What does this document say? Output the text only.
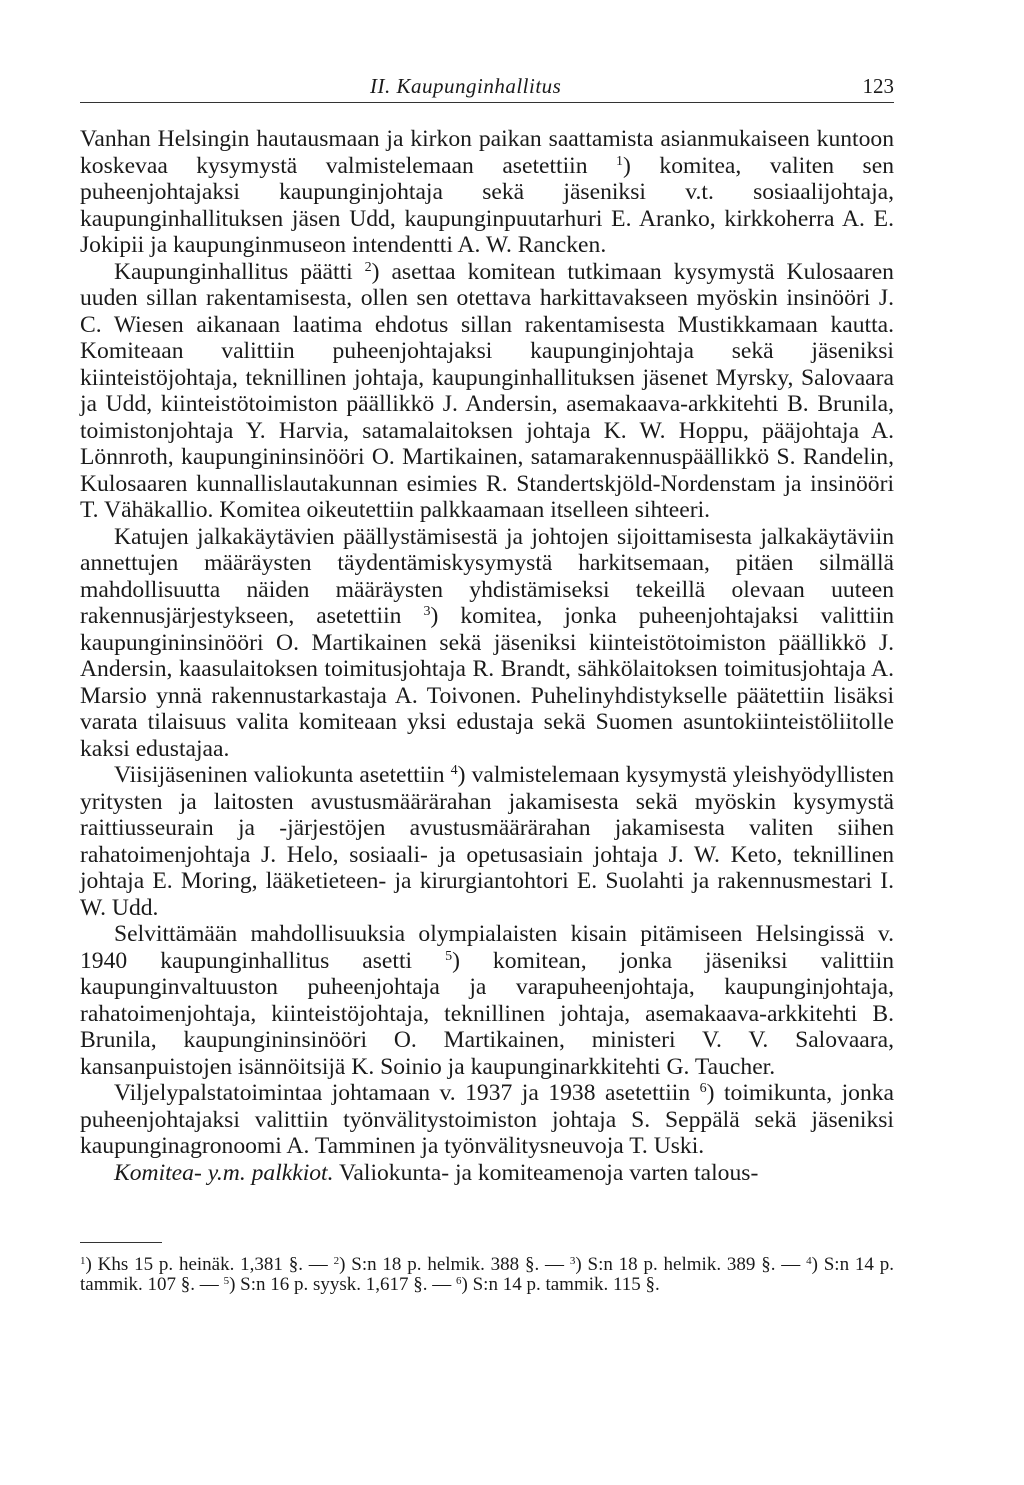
II. Kaupunginhallitus	123

Vanhan Helsingin hautausmaan ja kirkon paikan saattamista asianmukaiseen kuntoon koskevaa kysymystä valmistelemaan asetettiin $^1$) komitea, valiten sen puheenjohtajaksi kaupunginjohtaja sekä jäseniksi v.t. sosiaalijohtaja, kaupunginhallituksen jäsen Udd, kaupunginpuutarhuri E. Aranko, kirkkoherra A. E. Jokipii ja kaupunginmuseon intendentti A. W. Rancken.

Kaupunginhallitus päätti $^2$) asettaa komitean tutkimaan kysymystä Kulosaaren uuden sillan rakentamisesta, ollen sen otettava harkittavakseen myöskin insinööri J. C. Wiesen aikanaan laatima ehdotus sillan rakentamisesta Mustikkamaan kautta. Komiteaan valittiin puheenjohtajaksi kaupunginjohtaja sekä jäseniksi kiinteistöjohtaja, teknillinen johtaja, kaupunginhallituksen jäsenet Myrsky, Salovaara ja Udd, kiinteistötoimiston päällikkö J. Andersin, asemakaava-arkkitehti B. Brunila, toimistonjohtaja Y. Harvia, satamalaitoksen johtaja K. W. Hoppu, pääjohtaja A. Lönnroth, kaupungininsinööri O. Martikainen, satamarakennuspäällikkö S. Randelin, Kulosaaren kunnallislautakunnan esimies R. Standertskjöld-Nordenstam ja insinööri T. Vähäkallio. Komitea oikeutettiin palkkaamaan itselleen sihteeri.

Katujen jalkakäytävien päällystämisestä ja johtojen sijoittamisesta jalkakäytäviin annettujen määräysten täydentämiskysymystä harkitsemaan, pitäen silmällä mahdollisuutta näiden määräysten yhdistämiseksi tekeillä olevaan uuteen rakennusjärjestykseen, asetettiin $^3$) komitea, jonka puheenjohtajaksi valittiin kaupungininsinööri O. Martikainen sekä jäseniksi kiinteistötoimiston päällikkö J. Andersin, kaasulaitoksen toimitusjohtaja R. Brandt, sähkölaitoksen toimitusjohtaja A. Marsio ynnä rakennustarkastaja A. Toivonen. Puhelinyhdistykselle päätettiin lisäksi varata tilaisuus valita komiteaan yksi edustaja sekä Suomen asuntokiinteistöliitolle kaksi edustajaa.

Viisijäseninen valiokunta asetettiin $^4$) valmistelemaan kysymystä yleishyödyllisten yritysten ja laitosten avustusmäärärahan jakamisesta sekä myöskin kysymystä raittiusseurain ja -järjestöjen avustusmäärärahan jakamisesta valiten siihen rahatoimenjohtaja J. Helo, sosiaali- ja opetusasiain johtaja J. W. Keto, teknillinen johtaja E. Moring, lääketieteen- ja kirurgiantohtori E. Suolahti ja rakennusmestari I. W. Udd.

Selvittämään mahdollisuuksia olympialaisten kisain pitämiseen Helsingissä v. 1940 kaupunginhallitus asetti $^5$) komitean, jonka jäseniksi valittiin kaupunginvaltuuston puheenjohtaja ja varapuheenjohtaja, kaupunginjohtaja, rahatoimenjohtaja, kiinteistöjohtaja, teknillinen johtaja, asemakaava-arkkitehti B. Brunila, kaupungininsinööri O. Martikainen, ministeri V. V. Salovaara, kansanpuistojen isännöitsijä K. Soinio ja kaupunginarkkitehti G. Taucher.

Viljelypalstatoimintaa johtamaan v. 1937 ja 1938 asetettiin $^6$) toimikunta, jonka puheenjohtajaksi valittiin työnvälitystoimiston johtaja S. Seppälä sekä jäseniksi kaupunginagronoomi A. Tamminen ja työnvälitysneuvoja T. Uski.

Komitea- y.m. palkkiot. Valiokunta- ja komiteamenoja varten talous-

$^1$) Khs 15 p. heinäk. 1,381 §. — $^2$) S:n 18 p. helmik. 388 §. — $^3$) S:n 18 p. helmik. 389 §. — $^4$) S:n 14 p. tammik. 107 §. — $^5$) S:n 16 p. syysk. 1,617 §. — $^6$) S:n 14 p. tammik. 115 §.
